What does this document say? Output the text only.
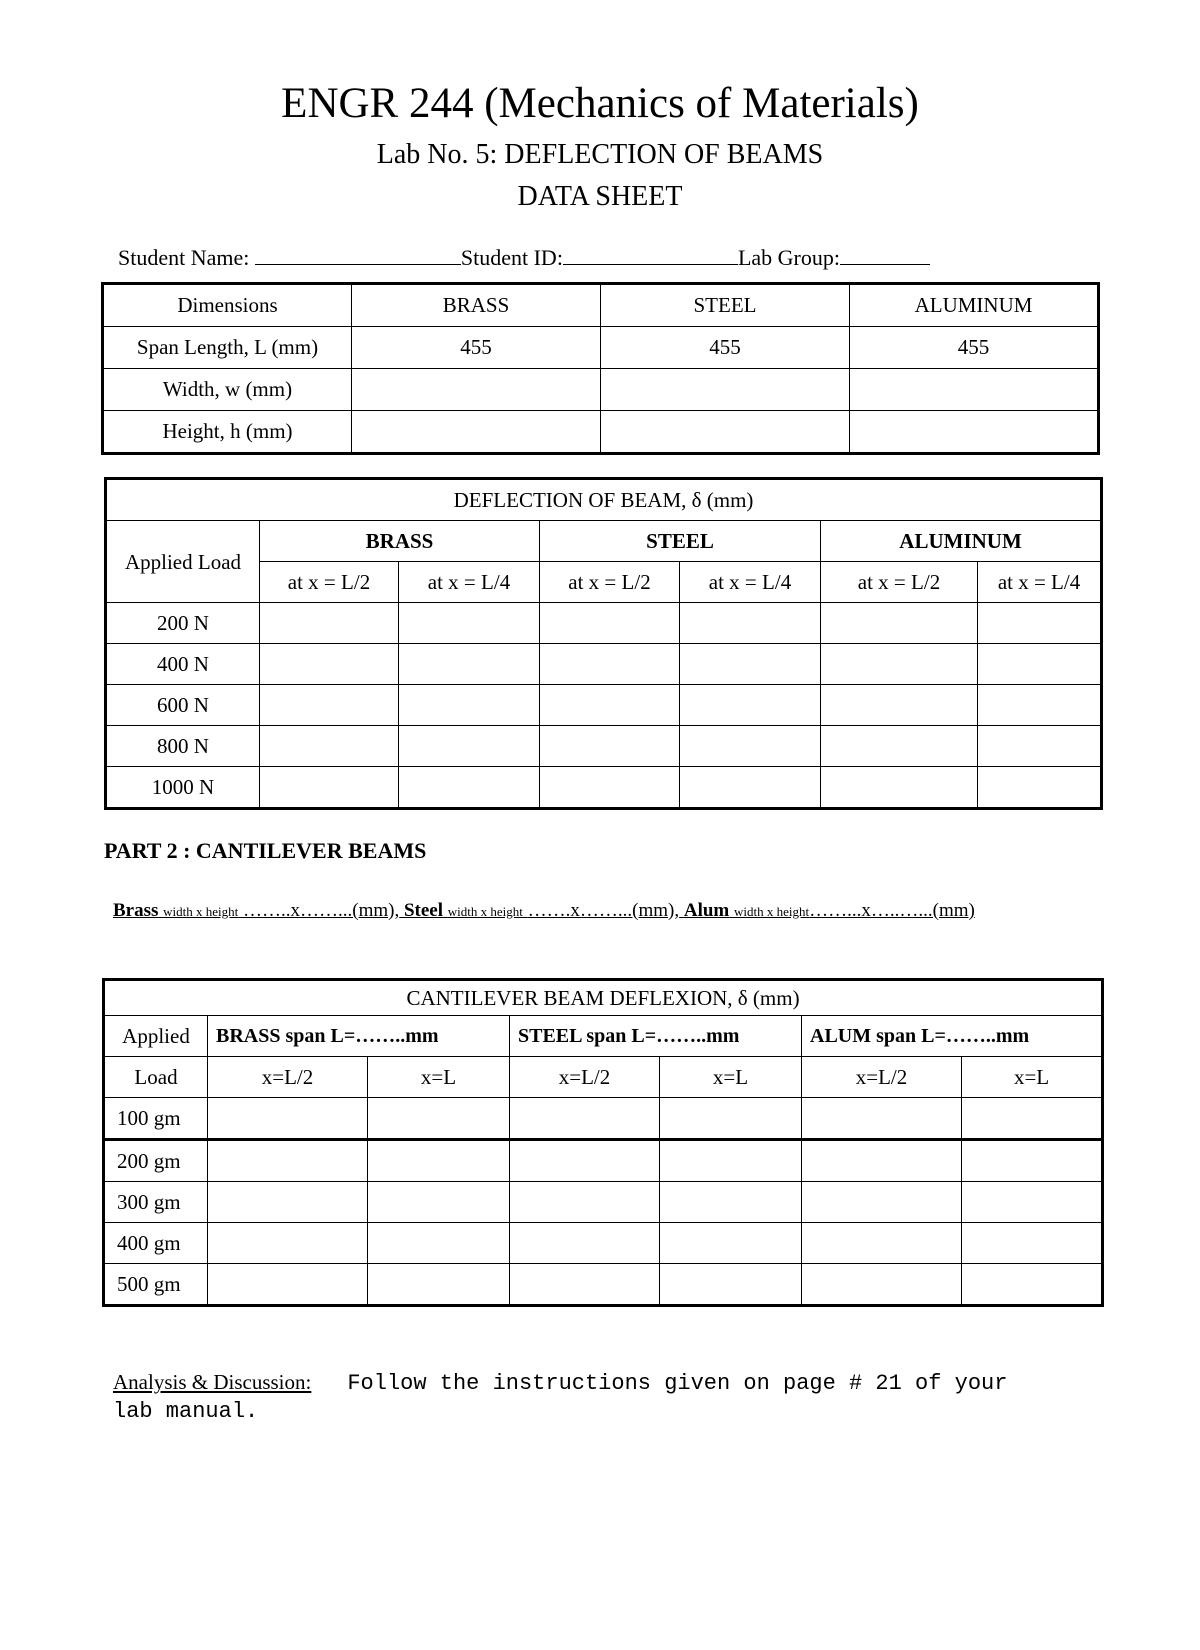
ENGR 244 (Mechanics of Materials)
Lab No. 5: DEFLECTION OF BEAMS
DATA SHEET
Student Name:	Student ID:	Lab Group:
Dimensions	BRASS	STEEL	ALUMINUM
Span Length, L (mm)	455	455	455
Width, w (mm)			
Height, h (mm)			
DEFLECTION OF BEAM, δ (mm)						
Applied Load	BRASS		STEEL		ALUMINUM	
	at x = L/2	at x = L/4	at x = L/2	at x = L/4	at x = L/2	at x = L/4
200 N						
400 N						
600 N						
800 N						
1000 N						
PART 2 : CANTILEVER BEAMS
Brass width x height ……..x……...(mm), Steel width x height …….x……...(mm), Alum width x height……...x…..…...(mm)
CANTILEVER BEAM DEFLEXION, δ (mm)						
Applied	BRASS span L=……..mm		STEEL span L=……..mm		ALUM span L=……..mm	
Load	x=L/2	x=L	x=L/2	x=L	x=L/2	x=L
100 gm						
200 gm						
300 gm						
400 gm						
500 gm						
Analysis & Discussion: Follow the instructions given on page # 21 of your lab manual.
